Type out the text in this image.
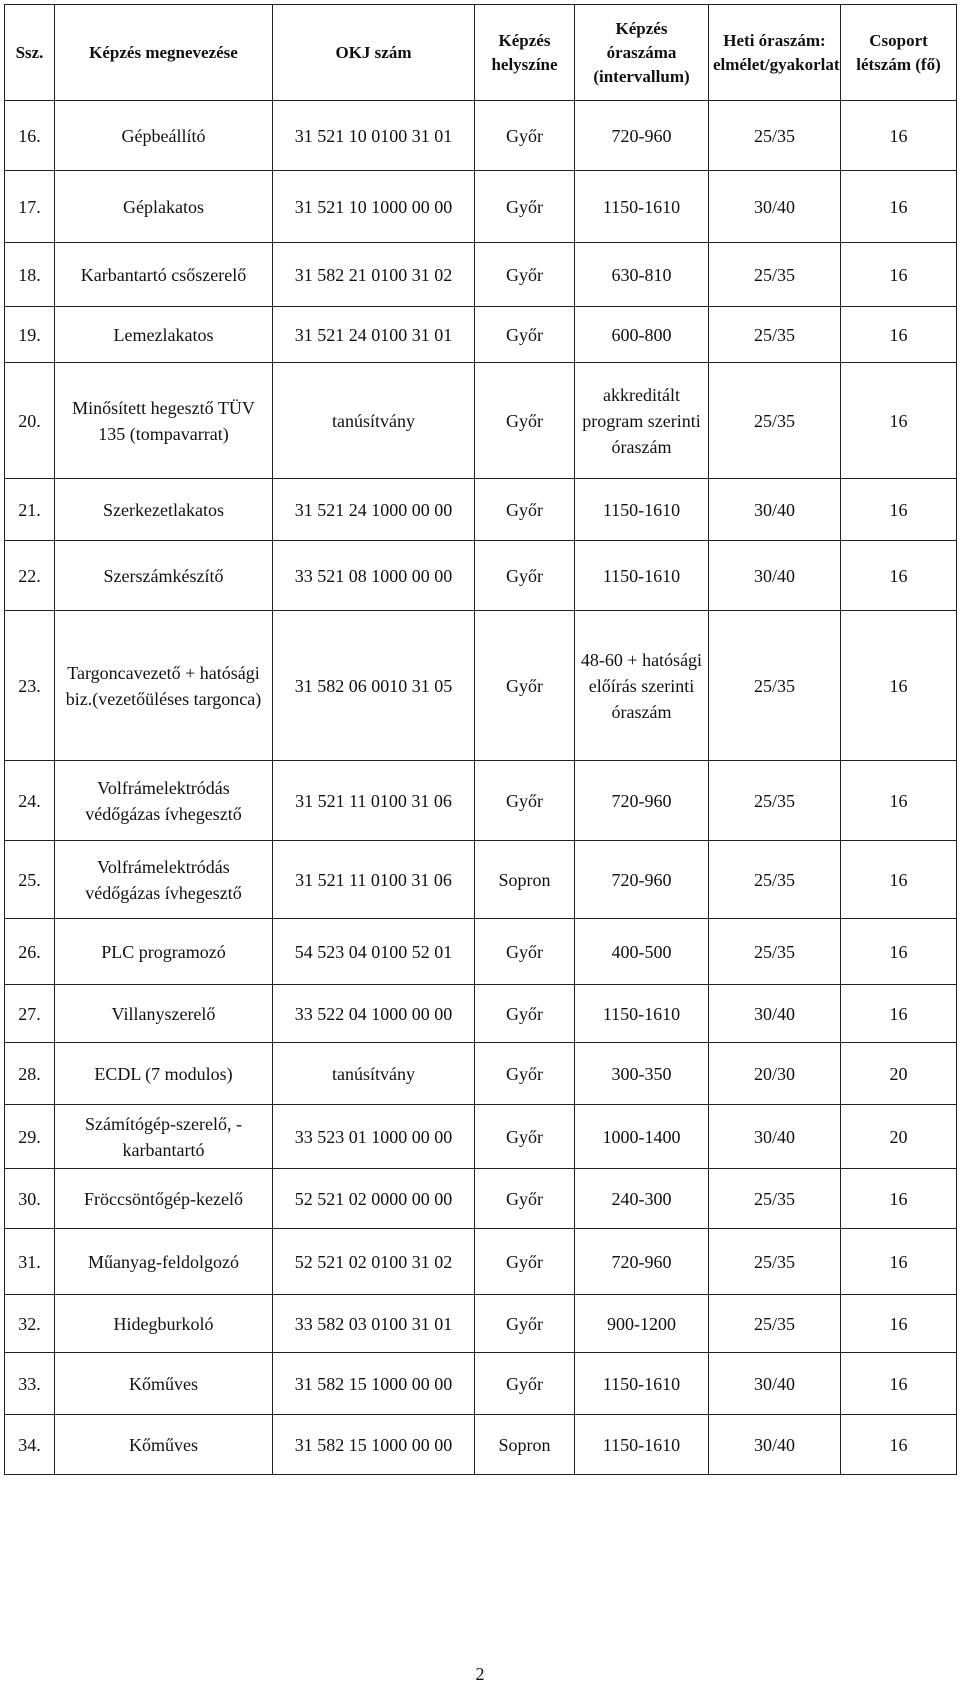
Ssz.	Képzés megnevezése	OKJ szám	Képzés helyszíne	Képzés óraszáma (intervallum)	Heti óraszám: elmélet/gyakorlat	Csoport létszám (fő)
16.	Gépbeállító	31 521 10 0100 31 01	Győr	720-960	25/35	16
17.	Géplakatos	31 521 10 1000 00 00	Győr	1150-1610	30/40	16
18.	Karbantartó csőszerelő	31 582 21 0100 31 02	Győr	630-810	25/35	16
19.	Lemezlakatos	31 521 24 0100 31 01	Győr	600-800	25/35	16
20.	Minősített hegesztő TÜV 135 (tompavarrat)	tanúsítvány	Győr	akkreditált program szerinti óraszám	25/35	16
21.	Szerkezetlakatos	31 521 24 1000 00 00	Győr	1150-1610	30/40	16
22.	Szerszámkészítő	33 521 08 1000 00 00	Győr	1150-1610	30/40	16
23.	Targoncavezető + hatósági biz.(vezetőüléses targonca)	31 582 06 0010 31 05	Győr	48-60 + hatósági előírás szerinti óraszám	25/35	16
24.	Volfrámelektródás védőgázas ívhegesztő	31 521 11 0100 31 06	Győr	720-960	25/35	16
25.	Volfrámelektródás védőgázas ívhegesztő	31 521 11 0100 31 06	Sopron	720-960	25/35	16
26.	PLC programozó	54 523 04 0100 52 01	Győr	400-500	25/35	16
27.	Villanyszerelő	33 522 04 1000 00 00	Győr	1150-1610	30/40	16
28.	ECDL (7 modulos)	tanúsítvány	Győr	300-350	20/30	20
29.	Számítógép-szerelő, - karbantartó	33 523 01 1000 00 00	Győr	1000-1400	30/40	20
30.	Fröccsöntőgép-kezelő	52 521 02 0000 00 00	Győr	240-300	25/35	16
31.	Műanyag-feldolgozó	52 521 02 0100 31 02	Győr	720-960	25/35	16
32.	Hidegburkoló	33 582 03 0100 31 01	Győr	900-1200	25/35	16
33.	Kőműves	31 582 15 1000 00 00	Győr	1150-1610	30/40	16
34.	Kőműves	31 582 15 1000 00 00	Sopron	1150-1610	30/40	16
2
